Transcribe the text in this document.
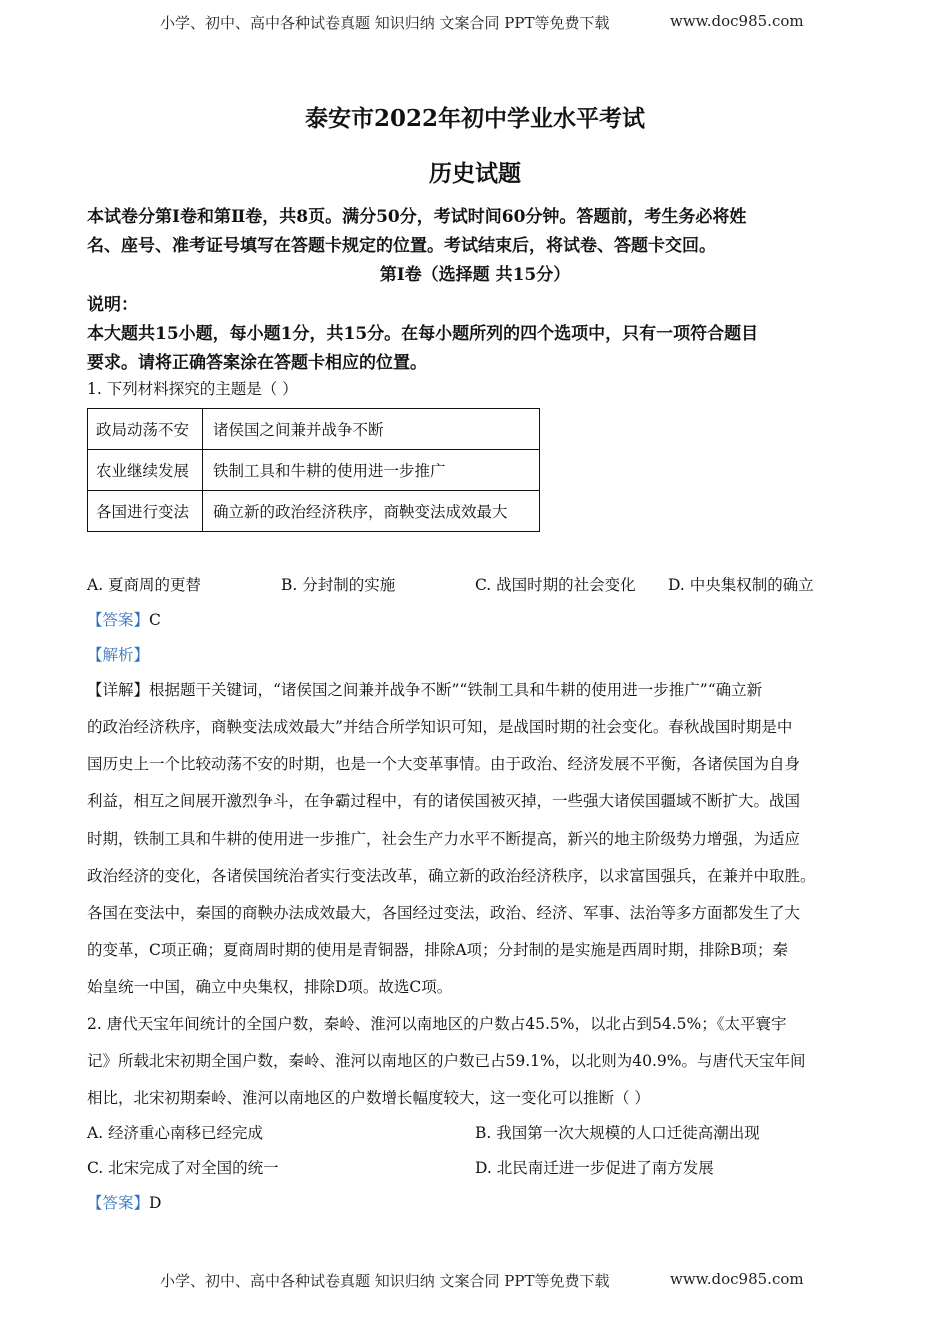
小学、初中、高中各种试卷真题 知识归纳 文案合同 PPT等免费下载	www.doc985.com
泰安市2022年初中学业水平考试
历史试题
本试卷分第Ⅰ卷和第Ⅱ卷，共8页。满分50分，考试时间60分钟。答题前，考生务必将姓
名、座号、准考证号填写在答题卡规定的位置。考试结束后，将试卷、答题卡交回。
第Ⅰ卷（选择题 共15分）
说明：
本大题共15小题，每小题1分，共15分。在每小题所列的四个选项中，只有一项符合题目
要求。请将正确答案涂在答题卡相应的位置。
1. 下列材料探究的主题是（ ）
政局动荡不安	诸侯国之间兼并战争不断
农业继续发展	铁制工具和牛耕的使用进一步推广
各国进行变法	确立新的政治经济秩序，商鞅变法成效最大
A. 夏商周的更替	B. 分封制的实施	C. 战国时期的社会变化 D. 中央集权制的确立
【答案】C
【解析】
【详解】根据题干关键词，“诸侯国之间兼并战争不断”“铁制工具和牛耕的使用进一步推广”“确立新
的政治经济秩序，商鞅变法成效最大”并结合所学知识可知，是战国时期的社会变化。春秋战国时期是中
国历史上一个比较动荡不安的时期，也是一个大变革事情。由于政治、经济发展不平衡，各诸侯国为自身
利益，相互之间展开激烈争斗，在争霸过程中，有的诸侯国被灭掉，一些强大诸侯国疆域不断扩大。战国
时期，铁制工具和牛耕的使用进一步推广，社会生产力水平不断提高，新兴的地主阶级势力增强，为适应
政治经济的变化，各诸侯国统治者实行变法改革，确立新的政治经济秩序，以求富国强兵，在兼并中取胜。
各国在变法中，秦国的商鞅办法成效最大，各国经过变法，政治、经济、军事、法治等多方面都发生了大
的变革，C项正确；夏商周时期的使用是青铜器，排除A项；分封制的是实施是西周时期，排除B项；秦
始皇统一中国，确立中央集权，排除D项。故选C项。
2. 唐代天宝年间统计的全国户数，秦岭、淮河以南地区的户数占45.5%，以北占到54.5%；《太平寰宇
记》所载北宋初期全国户数，秦岭、淮河以南地区的户数已占59.1%，以北则为40.9%。与唐代天宝年间
相比，北宋初期秦岭、淮河以南地区的户数增长幅度较大，这一变化可以推断（ ）
A. 经济重心南移已经完成	B. 我国第一次大规模的人口迁徙高潮出现
C. 北宋完成了对全国的统一	D. 北民南迁进一步促进了南方发展
【答案】D
小学、初中、高中各种试卷真题 知识归纳 文案合同 PPT等免费下载	www.doc985.com
